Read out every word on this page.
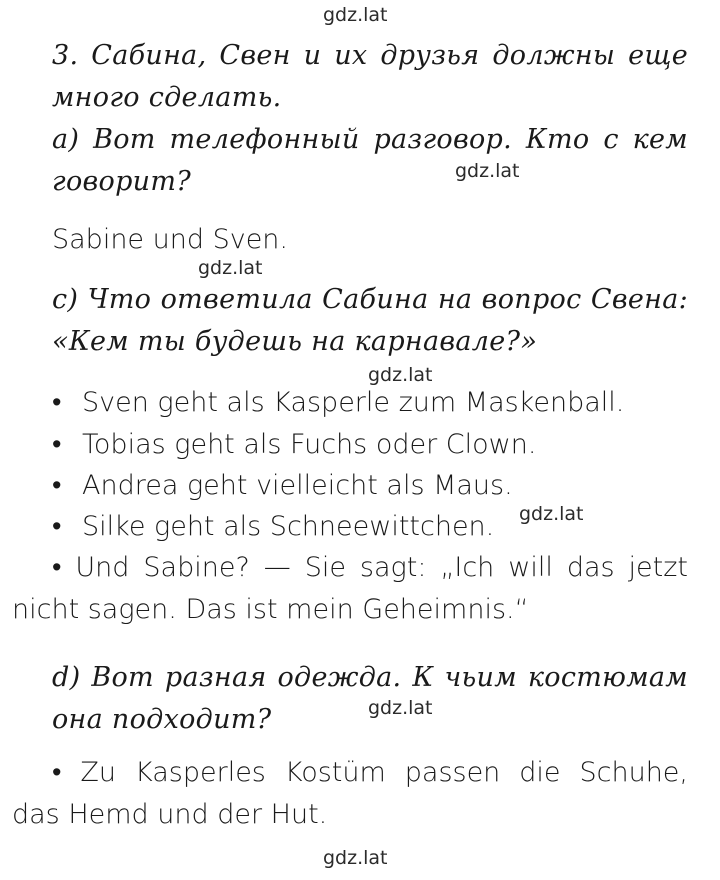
gdz.lat
gdz.lat
gdz.lat
gdz.lat
gdz.lat
gdz.lat
gdz.lat
3. Сабина, Свен и их друзья должны еще
много сделать.
а) Вот телефонный разговор. Кто с кем
говорит?
Sabine und Sven.
с) Что ответила Сабина на вопрос Свена:
«Кем ты будешь на карнавале?»
• Sven geht als Kasperle zum Maskenball.
• Tobias geht als Fuchs oder Clown.
• Andrea geht vielleicht als Maus.
• Silke geht als Schneewittchen.
• Und Sabine? — Sie sagt: „Ich will das jetzt
nicht sagen. Das ist mein Geheimnis.“
d) Вот разная одежда. К чьим костюмам
она подходит?
• Zu Kasperles Kostüm passen die Schuhe,
das Hemd und der Hut.
